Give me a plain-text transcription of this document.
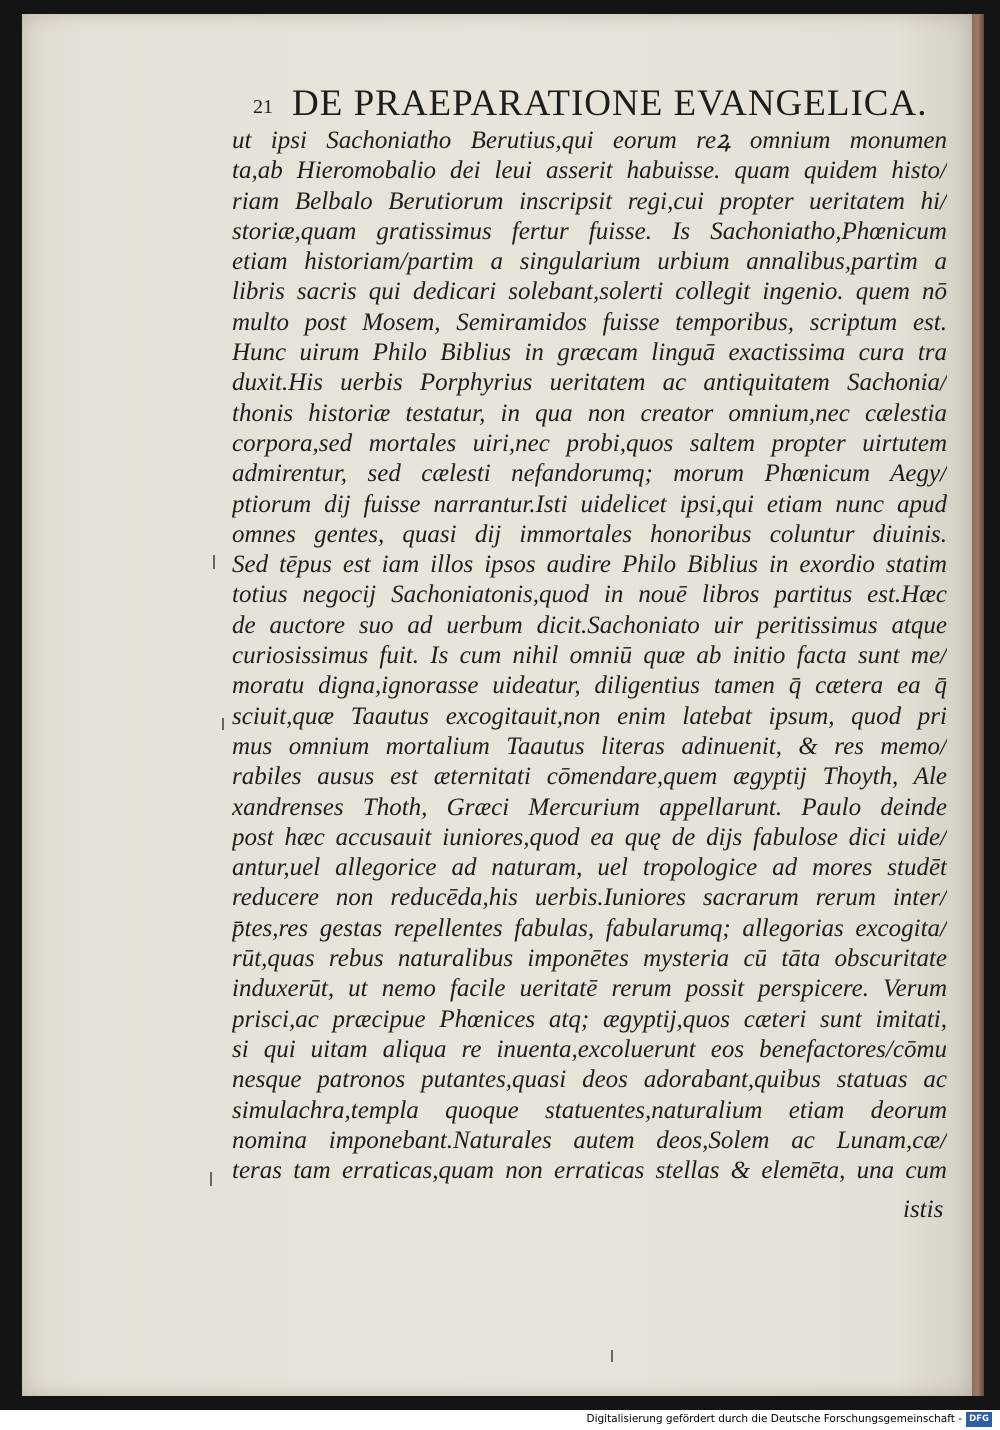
21 DE PRAEPARATIONE EVANGELICA.
ut ipsi Sachoniatho Berutius,qui eorum reꝝ omnium monumen
ta,ab Hieromobalio dei leui asserit habuisse. quam quidem histo/
riam Belbalo Berutiorum inscripsit regi,cui propter ueritatem hi/
storiæ,quam gratissimus fertur fuisse. Is Sachoniatho,Phœnicum
etiam historiam/partim a singularium urbium annalibus,partim a
libris sacris qui dedicari solebant,solerti collegit ingenio. quem nō
multo post Mosem, Semiramidos fuisse temporibus, scriptum est.
Hunc uirum Philo Biblius in græcam linguā exactissima cura tra
duxit.His uerbis Porphyrius ueritatem ac antiquitatem Sachonia/
thonis historiæ testatur, in qua non creator omnium,nec cælestia
corpora,sed mortales uiri,nec probi,quos saltem propter uirtutem
admirentur, sed cælesti nefandorumq; morum Phœnicum Aegy/
ptiorum dij fuisse narrantur.Isti uidelicet ipsi,qui etiam nunc apud
omnes gentes, quasi dij immortales honoribus coluntur diuinis.
Sed tēpus est iam illos ipsos audire Philo Biblius in exordio statim
totius negocij Sachoniatonis,quod in nouē libros partitus est.Hæc
de auctore suo ad uerbum dicit.Sachoniato uir peritissimus atque
curiosissimus fuit. Is cum nihil omniū quæ ab initio facta sunt me/
moratu digna,ignorasse uideatur, diligentius tamen q̄ cætera ea q̄
sciuit,quæ Taautus excogitauit,non enim latebat ipsum, quod pri
mus omnium mortalium Taautus literas adinuenit, & res memo/
rabiles ausus est æternitati cōmendare,quem ægyptij Thoyth, Ale
xandrenses Thoth, Græci Mercurium appellarunt. Paulo deinde
post hæc accusauit iuniores,quod ea quę de dijs fabulose dici uide/
antur,uel allegorice ad naturam, uel tropologice ad mores studēt
reducere non reducēda,his uerbis.Iuniores sacrarum rerum inter/
p̄tes,res gestas repellentes fabulas, fabularumq; allegorias excogita/
rūt,quas rebus naturalibus imponētes mysteria cū tāta obscuritate
induxerūt, ut nemo facile ueritatē rerum possit perspicere. Verum
prisci,ac præcipue Phœnices atq; ægyptij,quos cæteri sunt imitati,
si qui uitam aliqua re inuenta,excoluerunt eos benefactores/cōmu
nesque patronos putantes,quasi deos adorabant,quibus statuas ac
simulachra,templa quoque statuentes,naturalium etiam deorum
nomina imponebant.Naturales autem deos,Solem ac Lunam,cæ/
teras tam erraticas,quam non erraticas stellas & elemēta, una cum
istis
Digitalisierung gefördert durch die Deutsche Forschungsgemeinschaft - DFG
